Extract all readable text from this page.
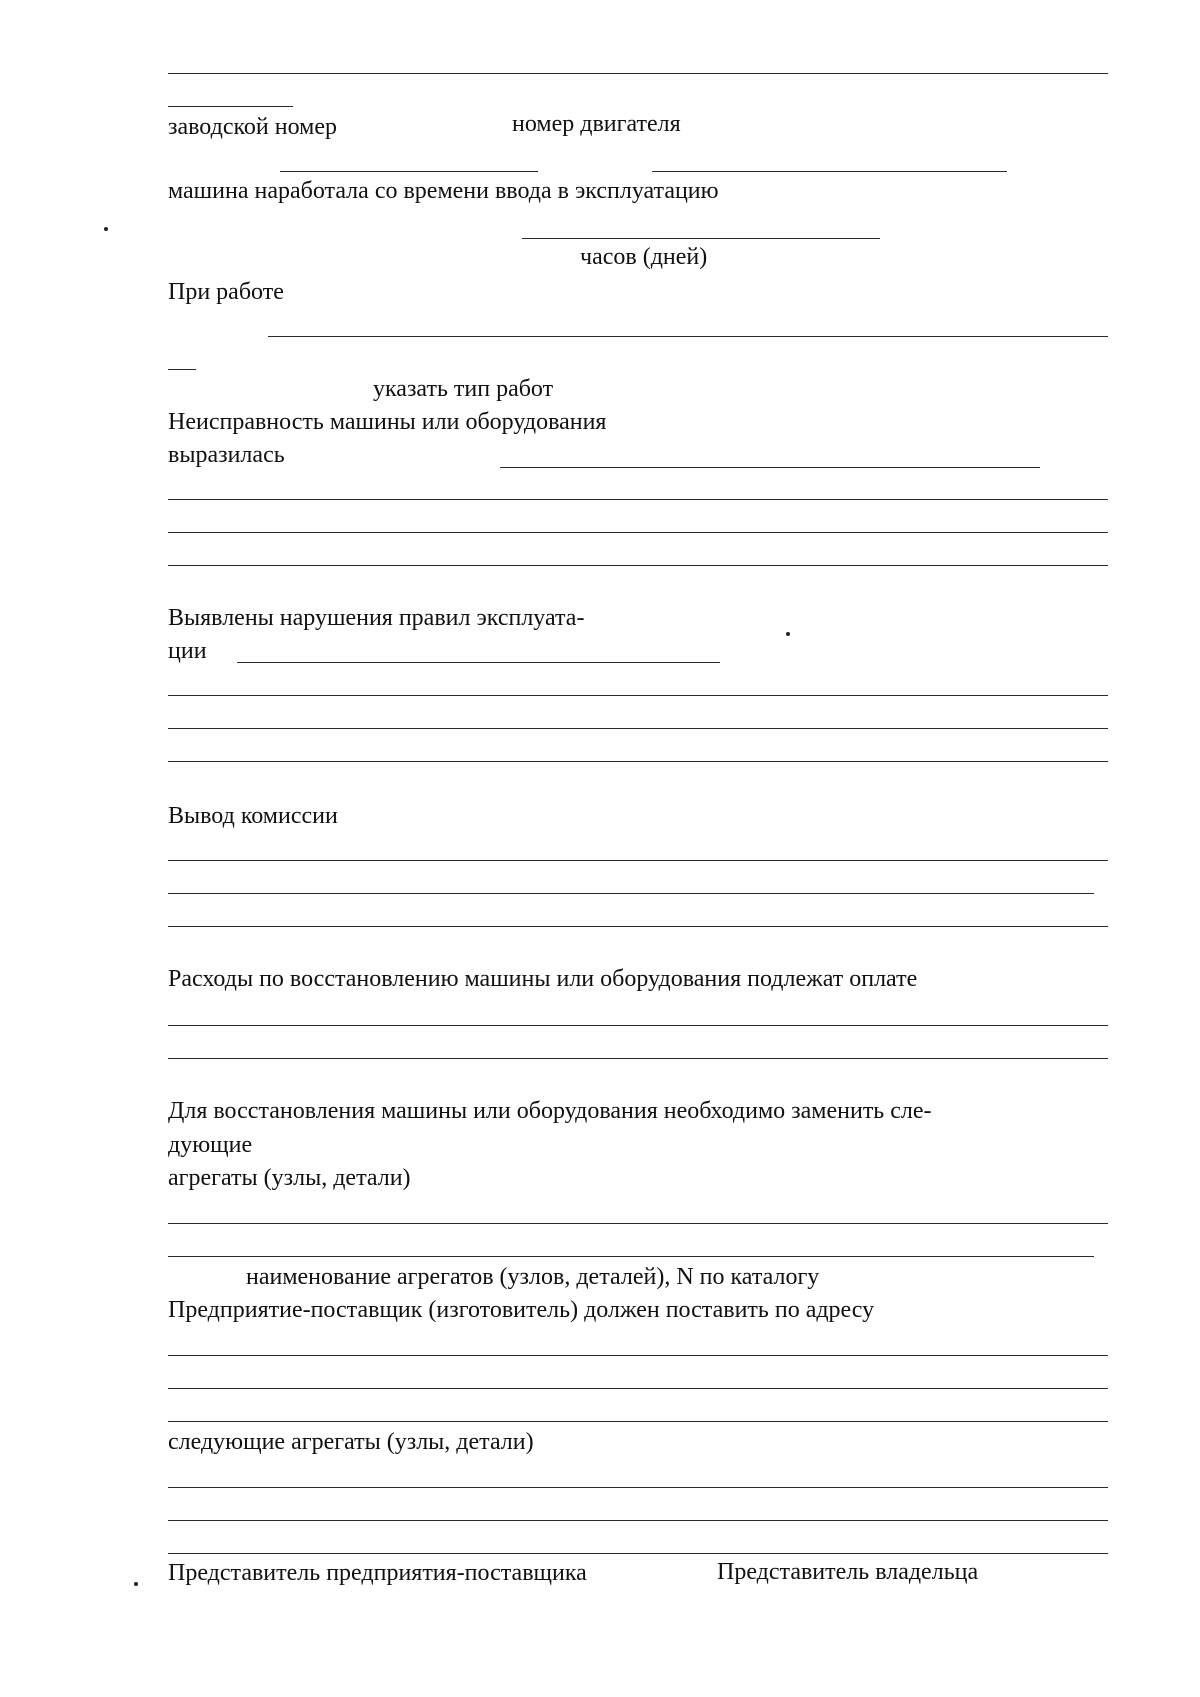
заводской номер	номер двигателя
машина наработала со времени ввода в эксплуатацию
часов (дней)
При работе
указать тип работ
Неисправность машины или оборудования
выразилась
Выявлены нарушения правил эксплуата-
ции
Вывод комиссии
Расходы по восстановлению машины или оборудования подлежат оплате
Для восстановления машины или оборудования необходимо заменить сле-
дующие
агрегаты (узлы, детали)
наименование агрегатов (узлов, деталей), N по каталогу
Предприятие-поставщик (изготовитель) должен поставить по адресу
следующие агрегаты (узлы, детали)
Представитель предприятия-поставщика	Представитель владельца
